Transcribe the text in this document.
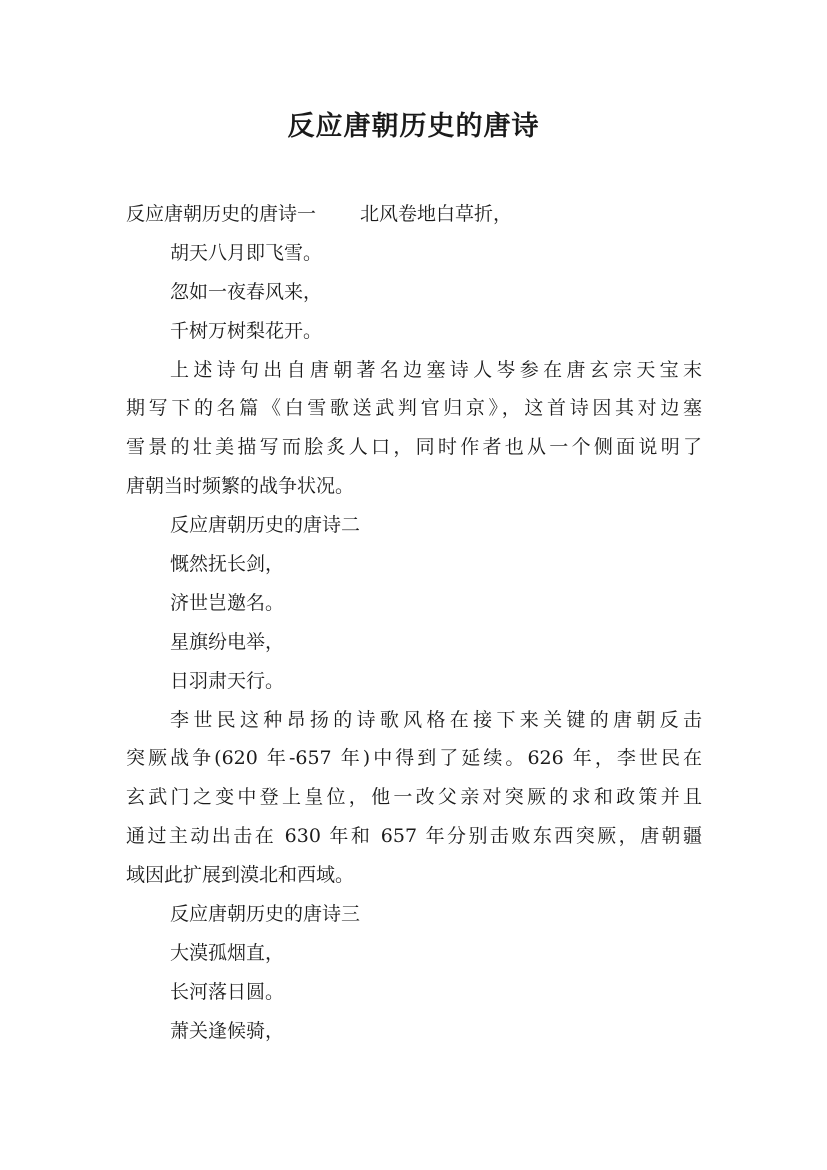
反应唐朝历史的唐诗

反应唐朝历史的唐诗一 北风卷地白草折，

胡天八月即飞雪。

忽如一夜春风来，

千树万树梨花开。

上述诗句出自唐朝著名边塞诗人岑参在唐玄宗天宝末

期写下的名篇《白雪歌送武判官归京》，这首诗因其对边塞

雪景的壮美描写而脍炙人口，同时作者也从一个侧面说明了

唐朝当时频繁的战争状况。

反应唐朝历史的唐诗二

慨然抚长剑，

济世岂邀名。

星旗纷电举，

日羽肃天行。

李世民这种昂扬的诗歌风格在接下来关键的唐朝反击

突厥战争(620 年-657 年)中得到了延续。626 年，李世民在

玄武门之变中登上皇位，他一改父亲对突厥的求和政策并且

通过主动出击在 630 年和 657 年分别击败东西突厥，唐朝疆

域因此扩展到漠北和西域。

反应唐朝历史的唐诗三

大漠孤烟直，

长河落日圆。

萧关逢候骑，
